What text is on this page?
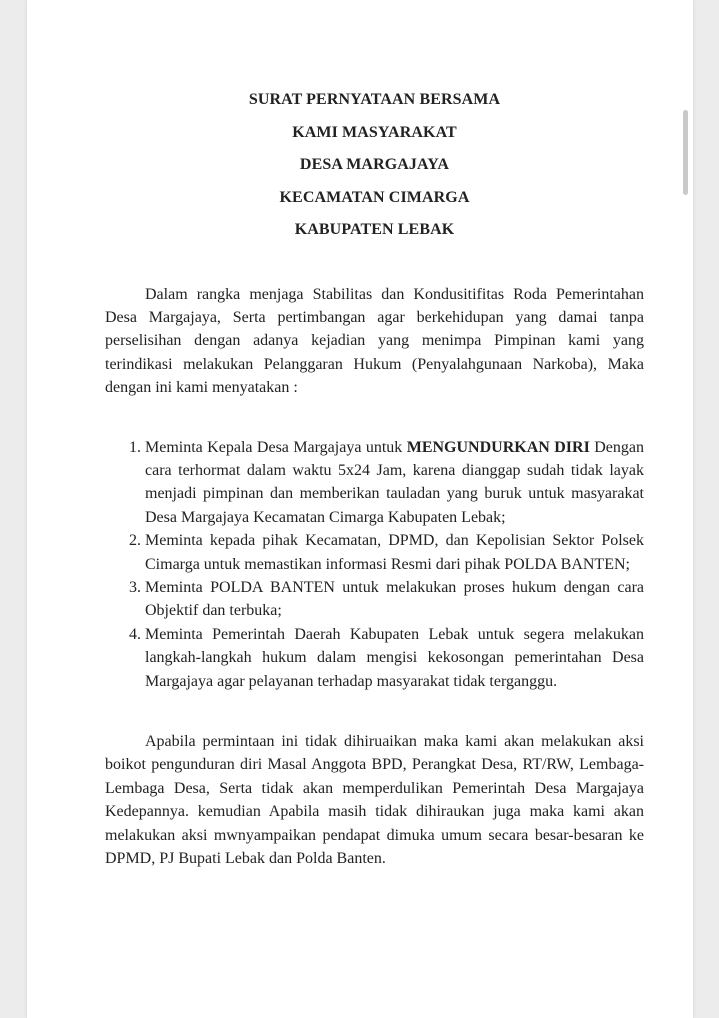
SURAT PERNYATAAN BERSAMA
KAMI MASYARAKAT
DESA MARGAJAYA
KECAMATAN CIMARGA
KABUPATEN LEBAK

Dalam rangka menjaga Stabilitas dan Kondusitifitas Roda Pemerintahan Desa Margajaya, Serta pertimbangan agar berkehidupan yang damai tanpa perselisihan dengan adanya kejadian yang menimpa Pimpinan kami yang terindikasi melakukan Pelanggaran Hukum (Penyalahgunaan Narkoba), Maka dengan ini kami menyatakan :

1. Meminta Kepala Desa Margajaya untuk MENGUNDURKAN DIRI Dengan cara terhormat dalam waktu 5x24 Jam, karena dianggap sudah tidak layak menjadi pimpinan dan memberikan tauladan yang buruk untuk masyarakat Desa Margajaya Kecamatan Cimarga Kabupaten Lebak;
2. Meminta kepada pihak Kecamatan, DPMD, dan Kepolisian Sektor Polsek Cimarga untuk memastikan informasi Resmi dari pihak POLDA BANTEN;
3. Meminta POLDA BANTEN untuk melakukan proses hukum dengan cara Objektif dan terbuka;
4. Meminta Pemerintah Daerah Kabupaten Lebak untuk segera melakukan langkah-langkah hukum dalam mengisi kekosongan pemerintahan Desa Margajaya agar pelayanan terhadap masyarakat tidak terganggu.

Apabila permintaan ini tidak dihiruaikan maka kami akan melakukan aksi boikot pengunduran diri Masal Anggota BPD, Perangkat Desa, RT/RW, Lembaga-Lembaga Desa, Serta tidak akan memperdulikan Pemerintah Desa Margajaya Kedepannya. kemudian Apabila masih tidak dihiraukan juga maka kami akan melakukan aksi mwnyampaikan pendapat dimuka umum secara besar-besaran ke DPMD, PJ Bupati Lebak dan Polda Banten.
